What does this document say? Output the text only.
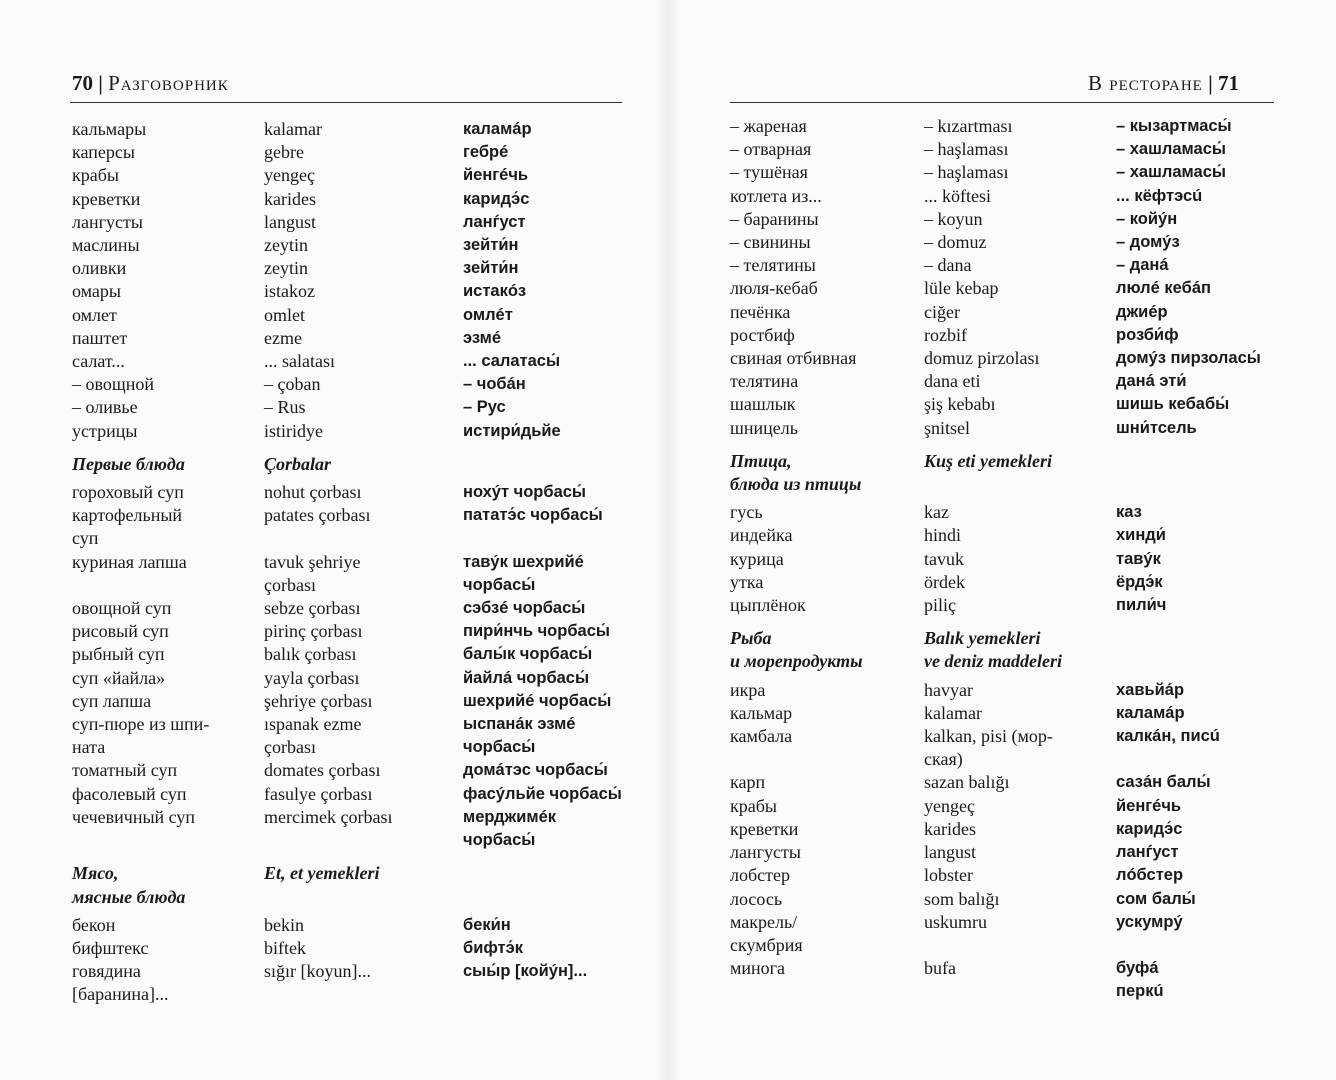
70 | Разговорник
кальмары
каперсы
крабы
креветки
лангусты
маслины
оливки
омары
омлет
паштет
салат...
– овощной
– оливье
устрицы
Первые блюда
гороховый суп
картофельный
суп
куриная лапша

овощной суп
рисовый суп
рыбный суп
суп «йайла»
суп лапша
суп-пюре из шпи-
ната
томатный суп
фасолевый суп
чечевичный суп

Мясо,
мясные блюда
бекон
бифштекс
говядина
[баранина]...
kalamar
gebre
yengeç
karides
langust
zeytin
zeytin
istakoz
omlet
ezme
... salatası
– çoban
– Rus
istiridye
Çorbalar
nohut çorbası
patates çorbası

tavuk şehriye
çorbası
sebze çorbası
pirinç çorbası
balık çorbası
yayla çorbası
şehriye çorbası
ıspanak ezme
çorbası
domates çorbası
fasulye çorbası
mercimek çorbası

Et, et yemekleri

bekin
biftek
sığır [koyun]...

каламáр
гебрé
йенгéчь
каридэ́с
ланѓуст
зейти́н
зейти́н
истакóз
омлéт
эзмé
... салатасы́
– чобáн
– Рус
истири́дьйе

нохýт чорбасы́
пататэ́с чорбасы́

тавýк шехрийé
чорбасы́
сэбзé чорбасы́
пири́нчь чорбасы́
балы́к чорбасы́
йайлá чорбасы́
шехрийé чорбасы́
ыспанáк эзмé
чорбасы́
домáтэс чорбасы́
фасýльйе чорбасы́
мерджимéк
чорбасы́

беки́н
бифтэ́к
сыы́р [койýн]...

В ресторане | 71
– жареная
– отварная
– тушёная
котлета из...
– баранины
– свинины
– телятины
люля-кебаб
печёнка
ростбиф
свиная отбивная
телятина
шашлык
шницель
Птица,
блюда из птицы
гусь
индейка
курица
утка
цыплёнок
Рыба
и морепродукты
икра
кальмар
камбала

карп
крабы
креветки
лангусты
лобстер
лосось
макрель/
скумбрия
минога

– kızartması
– haşlaması
– haşlaması
... köftesi
– koyun
– domuz
– dana
lüle kebap
ciğer
rozbif
domuz pirzolası
dana eti
şiş kebabı
şnitsel
Kuş eti yemekleri

kaz
hindi
tavuk
ördek
piliç
Balık yemekleri
ve deniz maddeleri
havyar
kalamar
kalkan, pisi (мор-
ская)
sazan balığı
yengeç
karides
langust
lobster
som balığı
uskumru

bufa

– кызартмасы́
– хашламасы́
– хашламасы́
... кёфтэсú
– койýн
– домýз
– данá
люлé кебáп
джиéр
розби́ф
домýз пирзоласы́
данá эти́
шишь кебабы́
шни́тсель

каз
хинди́
тавýк
ёрдэ́к
пили́ч

хавьйáр
каламáр
калкáн, писú

сазáн балы́
йенгéчь
каридэ́с
ланѓуст
лóбстер
сом балы́
ускумрý

буфá
перкú
